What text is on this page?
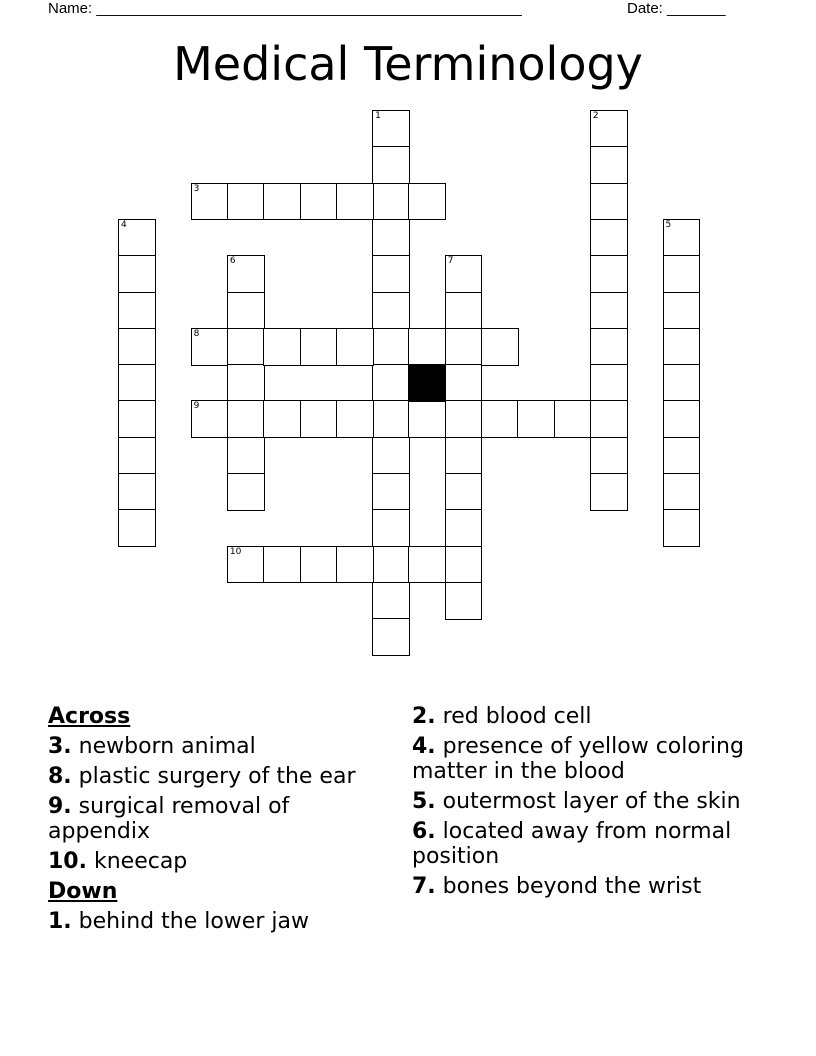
Name: ___________________________________________________	Date: _______
Medical Terminology
1	2
3
4	5
6	7
8
9
10
Across
3. newborn animal
8. plastic surgery of the ear
9. surgical removal of appendix
10. kneecap
Down
1. behind the lower jaw
2. red blood cell
4. presence of yellow coloring matter in the blood
5. outermost layer of the skin
6. located away from normal position
7. bones beyond the wrist
